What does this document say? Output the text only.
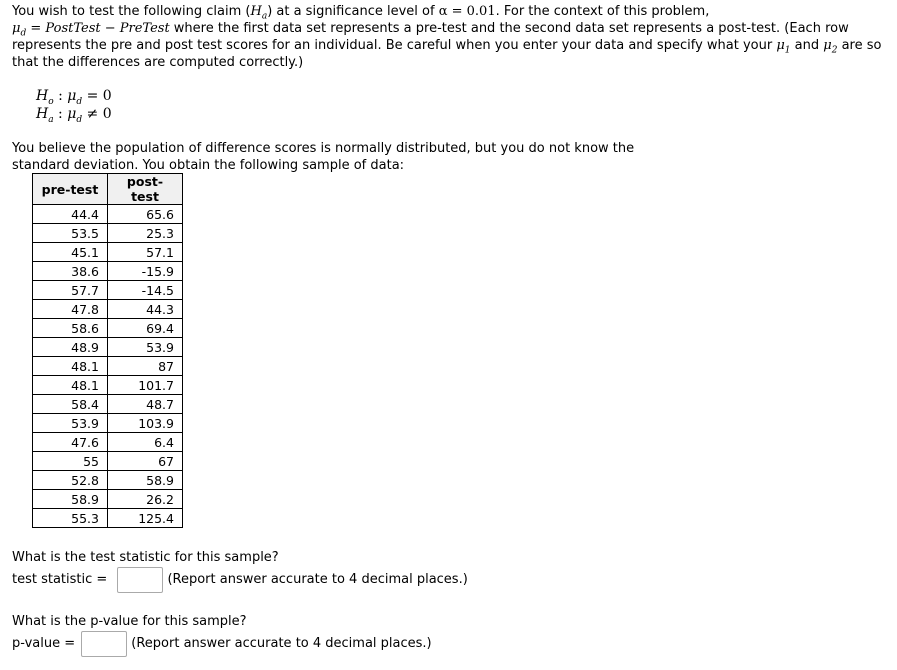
You wish to test the following claim $(H_a)$ at a significance level of α = 0.01. For the context of this problem,
$\mu_d$ = PostTest − PreTest where the first data set represents a pre-test and the second data set represents a post-test. (Each row represents the pre and post test scores for an individual. Be careful when you enter your data and specify what your $\mu_1$ and $\mu_2$ are so that the differences are computed correctly.)
$H_o$ : $\mu_d = 0$
$H_a$ : $\mu_d \ne 0$
You believe the population of difference scores is normally distributed, but you do not know the standard deviation. You obtain the following sample of data:
pre-test	post-test
44.4	65.6
53.5	25.3
45.1	57.1
38.6	-15.9
57.7	-14.5
47.8	44.3
58.6	69.4
48.9	53.9
48.1	87
48.1	101.7
58.4	48.7
53.9	103.9
47.6	6.4
55	67
52.8	58.9
58.9	26.2
55.3	125.4
What is the test statistic for this sample?
test statistic =	(Report answer accurate to 4 decimal places.)
What is the p-value for this sample?
p-value =	(Report answer accurate to 4 decimal places.)
